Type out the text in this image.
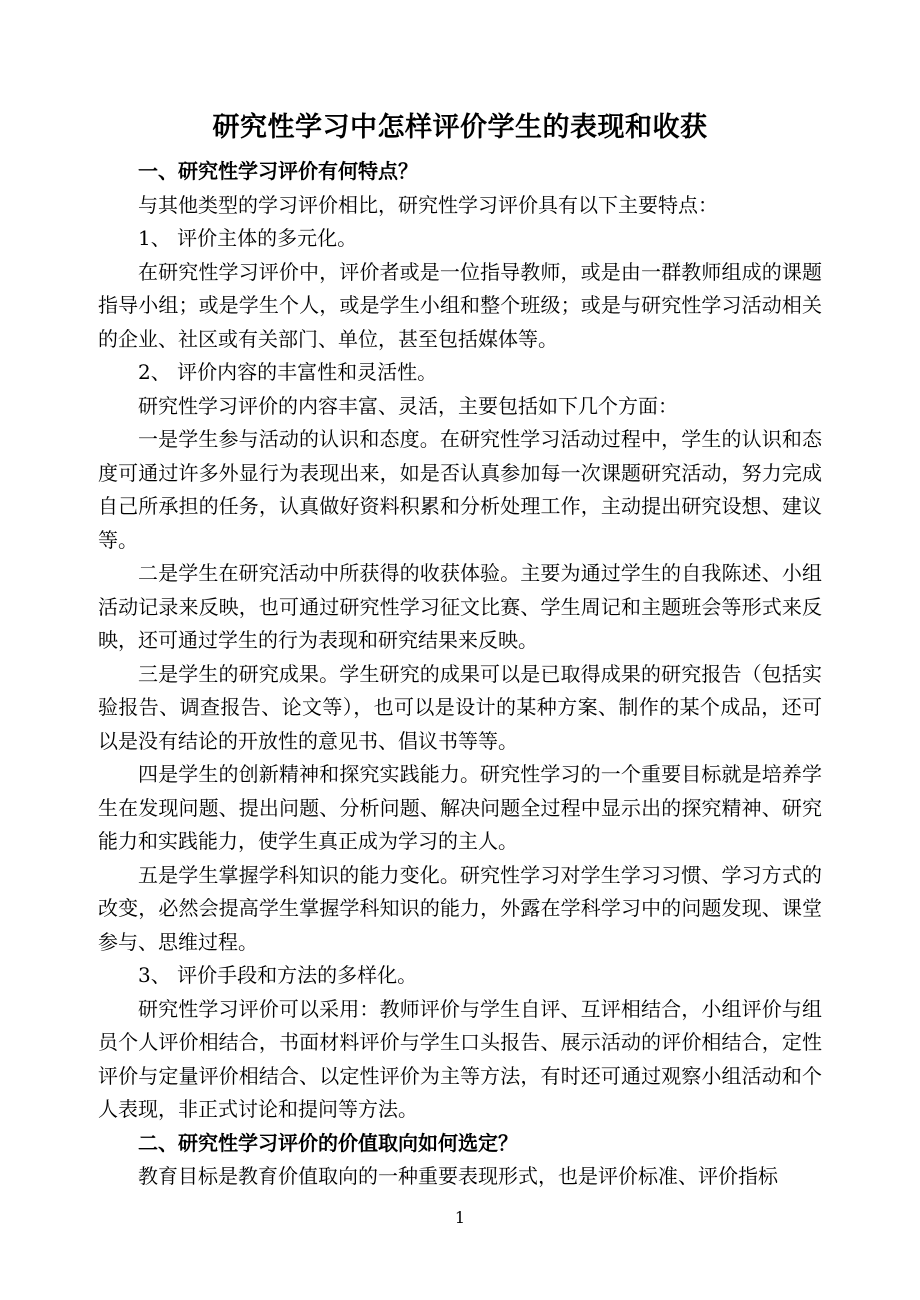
研究性学习中怎样评价学生的表现和收获

一、研究性学习评价有何特点？

与其他类型的学习评价相比，研究性学习评价具有以下主要特点：

1、 评价主体的多元化。

在研究性学习评价中，评价者或是一位指导教师，或是由一群教师组成的课题指导小组；或是学生个人，或是学生小组和整个班级；或是与研究性学习活动相关的企业、社区或有关部门、单位，甚至包括媒体等。

2、 评价内容的丰富性和灵活性。

研究性学习评价的内容丰富、灵活，主要包括如下几个方面：

一是学生参与活动的认识和态度。在研究性学习活动过程中，学生的认识和态度可通过许多外显行为表现出来，如是否认真参加每一次课题研究活动，努力完成自己所承担的任务，认真做好资料积累和分析处理工作，主动提出研究设想、建议等。

二是学生在研究活动中所获得的收获体验。主要为通过学生的自我陈述、小组活动记录来反映，也可通过研究性学习征文比赛、学生周记和主题班会等形式来反映，还可通过学生的行为表现和研究结果来反映。

三是学生的研究成果。学生研究的成果可以是已取得成果的研究报告（包括实验报告、调查报告、论文等），也可以是设计的某种方案、制作的某个成品，还可以是没有结论的开放性的意见书、倡议书等等。

四是学生的创新精神和探究实践能力。研究性学习的一个重要目标就是培养学生在发现问题、提出问题、分析问题、解决问题全过程中显示出的探究精神、研究能力和实践能力，使学生真正成为学习的主人。

五是学生掌握学科知识的能力变化。研究性学习对学生学习习惯、学习方式的改变，必然会提高学生掌握学科知识的能力，外露在学科学习中的问题发现、课堂参与、思维过程。

3、 评价手段和方法的多样化。

研究性学习评价可以采用：教师评价与学生自评、互评相结合，小组评价与组员个人评价相结合，书面材料评价与学生口头报告、展示活动的评价相结合，定性评价与定量评价相结合、以定性评价为主等方法，有时还可通过观察小组活动和个人表现，非正式讨论和提问等方法。

二、研究性学习评价的价值取向如何选定？

教育目标是教育价值取向的一种重要表现形式，也是评价标准、评价指标

1
